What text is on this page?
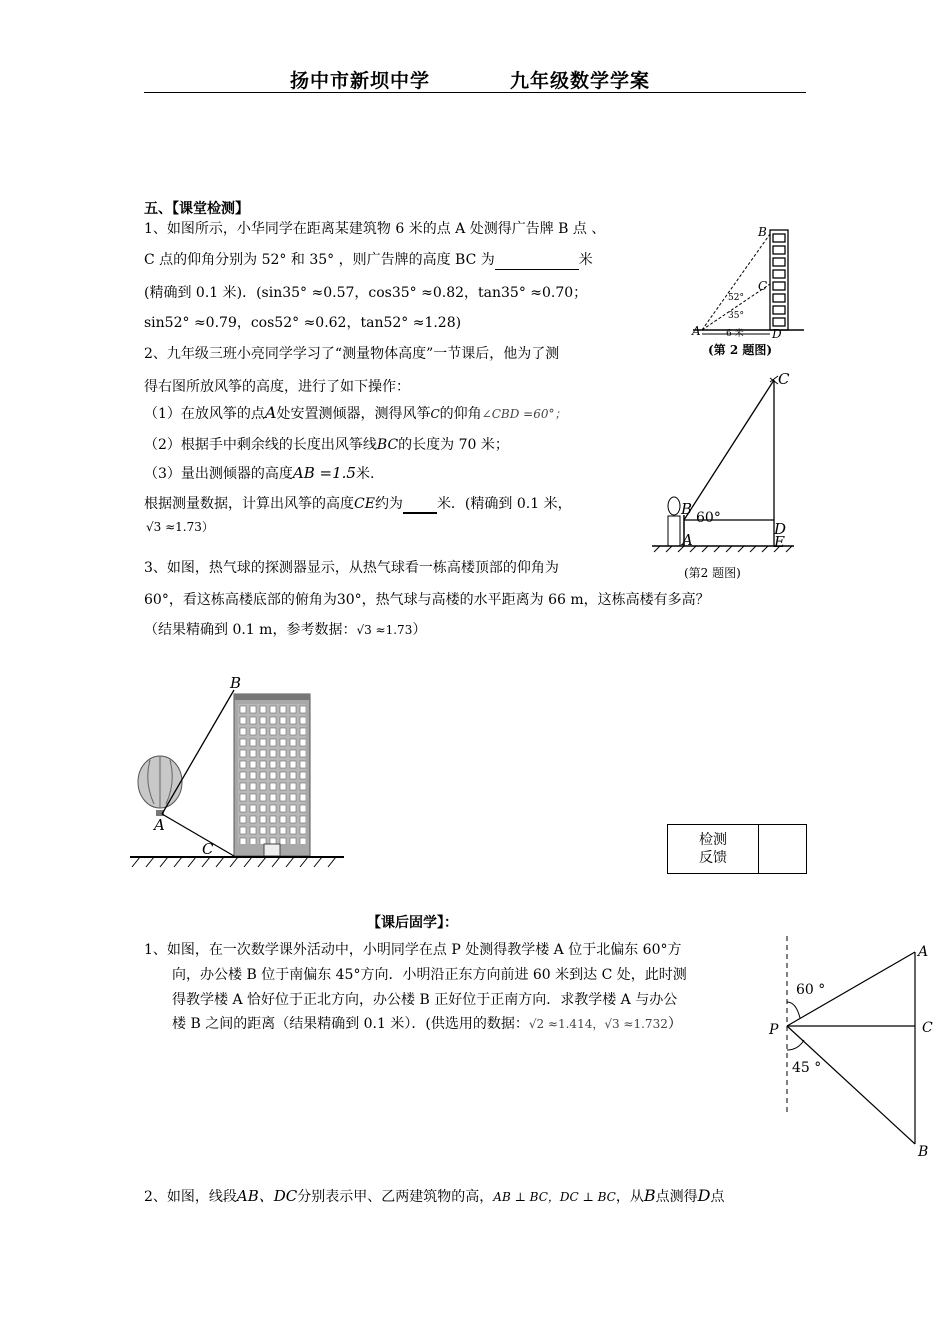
扬中市新坝中学	九年级数学学案
五、【课堂检测】
1、如图所示，小华同学在距离某建筑物 6 米的点 A 处测得广告牌 B 点 、
C 点的仰角分别为 52° 和 35° ，则广告牌的高度 BC 为	米
(精确到 0.1 米)．(sin35° ≈0.57，cos35° ≈0.82，tan35° ≈0.70；
sin52° ≈0.79，cos52° ≈0.62，tan52° ≈1.28)
2、九年级三班小亮同学学习了“测量物体高度”一节课后，他为了测
得右图所放风筝的高度，进行了如下操作：
（1）在放风筝的点A处安置测倾器，测得风筝C的仰角∠CBD =60°；
（2）根据手中剩余线的长度出风筝线BC的长度为 70 米；
（3）量出测倾器的高度AB =1.5米.
根据测量数据，计算出风筝的高度CE约为 米．(精确到 0.1 米，
√3 ≈1.73）
3、如图，热气球的探测器显示，从热气球看一栋高楼顶部的仰角为
60°，看这栋高楼底部的俯角为30°，热气球与高楼的水平距离为 66 m，这栋高楼有多高？
（结果精确到 0.1 m，参考数据：√3 ≈1.73）
B
C
A	D
52°
35°
6 米
(第 2 题图)
C
B 60°
D
A	E
(第2 题图)
B
A
C	检测
反馈	
【课后固学】：
1、如图，在一次数学课外活动中，小明同学在点 P 处测得教学楼 A 位于北偏东 60°方
向，办公楼 B 位于南偏东 45°方向．小明沿正东方向前进 60 米到达 C 处，此时测
得教学楼 A 恰好位于正北方向，办公楼 B 正好位于正南方向．求教学楼 A 与办公
楼 B 之间的距离（结果精确到 0.1 米）．(供选用的数据：√2 ≈1.414，√3 ≈1.732）
2、如图，线段AB、DC分别表示甲、乙两建筑物的高，AB ⊥ BC，DC ⊥ BC，从B点测得D点
60 °
45 °
A
C
P
B
